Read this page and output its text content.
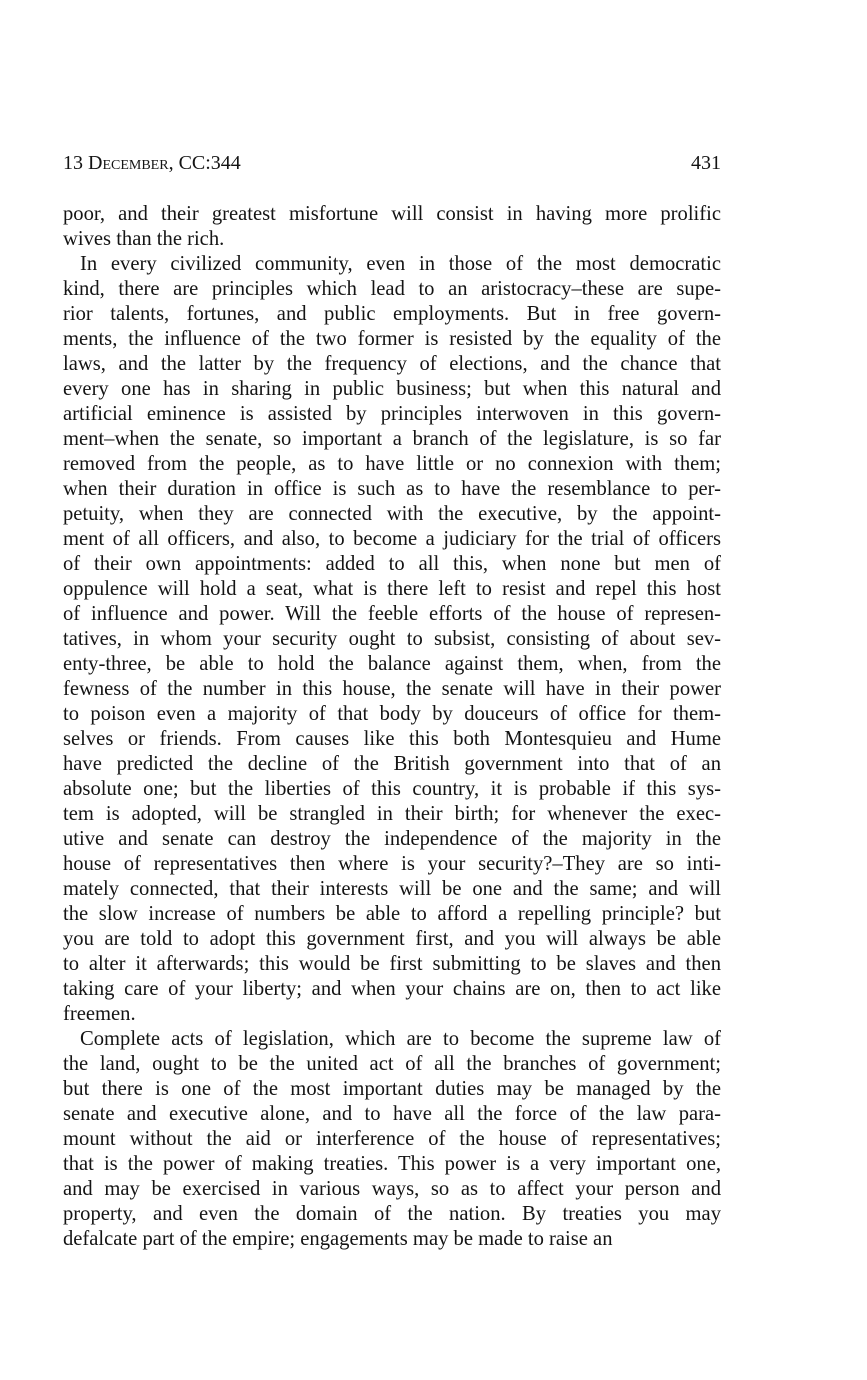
13 December, CC:344	431
poor, and their greatest misfortune will consist in having more prolific
wives than the rich.
In every civilized community, even in those of the most democratic
kind, there are principles which lead to an aristocracy–these are supe-
rior talents, fortunes, and public employments. But in free govern-
ments, the influence of the two former is resisted by the equality of the
laws, and the latter by the frequency of elections, and the chance that
every one has in sharing in public business; but when this natural and
artificial eminence is assisted by principles interwoven in this govern-
ment–when the senate, so important a branch of the legislature, is so far
removed from the people, as to have little or no connexion with them;
when their duration in office is such as to have the resemblance to per-
petuity, when they are connected with the executive, by the appoint-
ment of all officers, and also, to become a judiciary for the trial of officers
of their own appointments: added to all this, when none but men of
oppulence will hold a seat, what is there left to resist and repel this host
of influence and power. Will the feeble efforts of the house of represen-
tatives, in whom your security ought to subsist, consisting of about sev-
enty-three, be able to hold the balance against them, when, from the
fewness of the number in this house, the senate will have in their power
to poison even a majority of that body by douceurs of office for them-
selves or friends. From causes like this both Montesquieu and Hume
have predicted the decline of the British government into that of an
absolute one; but the liberties of this country, it is probable if this sys-
tem is adopted, will be strangled in their birth; for whenever the exec-
utive and senate can destroy the independence of the majority in the
house of representatives then where is your security?–They are so inti-
mately connected, that their interests will be one and the same; and will
the slow increase of numbers be able to afford a repelling principle? but
you are told to adopt this government first, and you will always be able
to alter it afterwards; this would be first submitting to be slaves and then
taking care of your liberty; and when your chains are on, then to act like
freemen.
Complete acts of legislation, which are to become the supreme law of
the land, ought to be the united act of all the branches of government;
but there is one of the most important duties may be managed by the
senate and executive alone, and to have all the force of the law para-
mount without the aid or interference of the house of representatives;
that is the power of making treaties. This power is a very important one,
and may be exercised in various ways, so as to affect your person and
property, and even the domain of the nation. By treaties you may
defalcate part of the empire; engagements may be made to raise an
